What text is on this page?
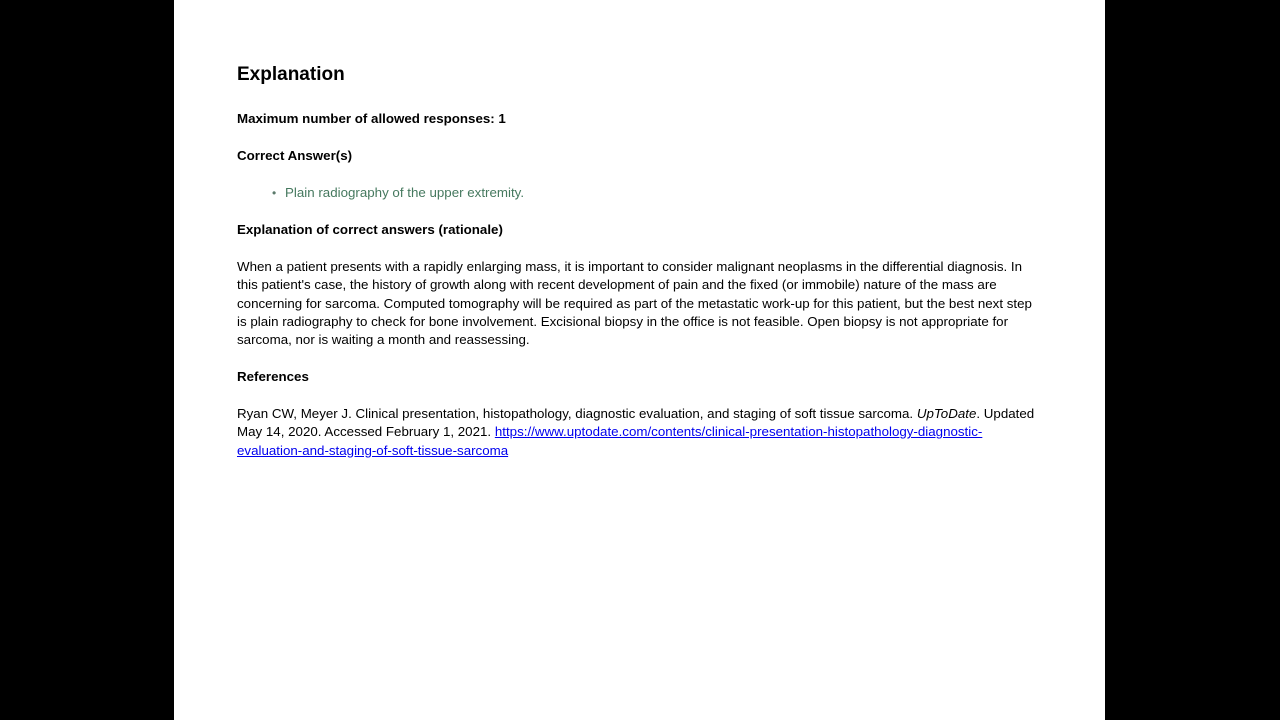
Explanation

Maximum number of allowed responses: 1

Correct Answer(s)

• Plain radiography of the upper extremity.

Explanation of correct answers (rationale)

When a patient presents with a rapidly enlarging mass, it is important to consider malignant neoplasms in the differential diagnosis. In this patient's case, the history of growth along with recent development of pain and the fixed (or immobile) nature of the mass are concerning for sarcoma. Computed tomography will be required as part of the metastatic work-up for this patient, but the best next step is plain radiography to check for bone involvement. Excisional biopsy in the office is not feasible. Open biopsy is not appropriate for sarcoma, nor is waiting a month and reassessing.

References

Ryan CW, Meyer J. Clinical presentation, histopathology, diagnostic evaluation, and staging of soft tissue sarcoma. UpToDate. Updated May 14, 2020. Accessed February 1, 2021. https://www.uptodate.com/contents/clinical-presentation-histopathology-diagnostic-evaluation-and-staging-of-soft-tissue-sarcoma
